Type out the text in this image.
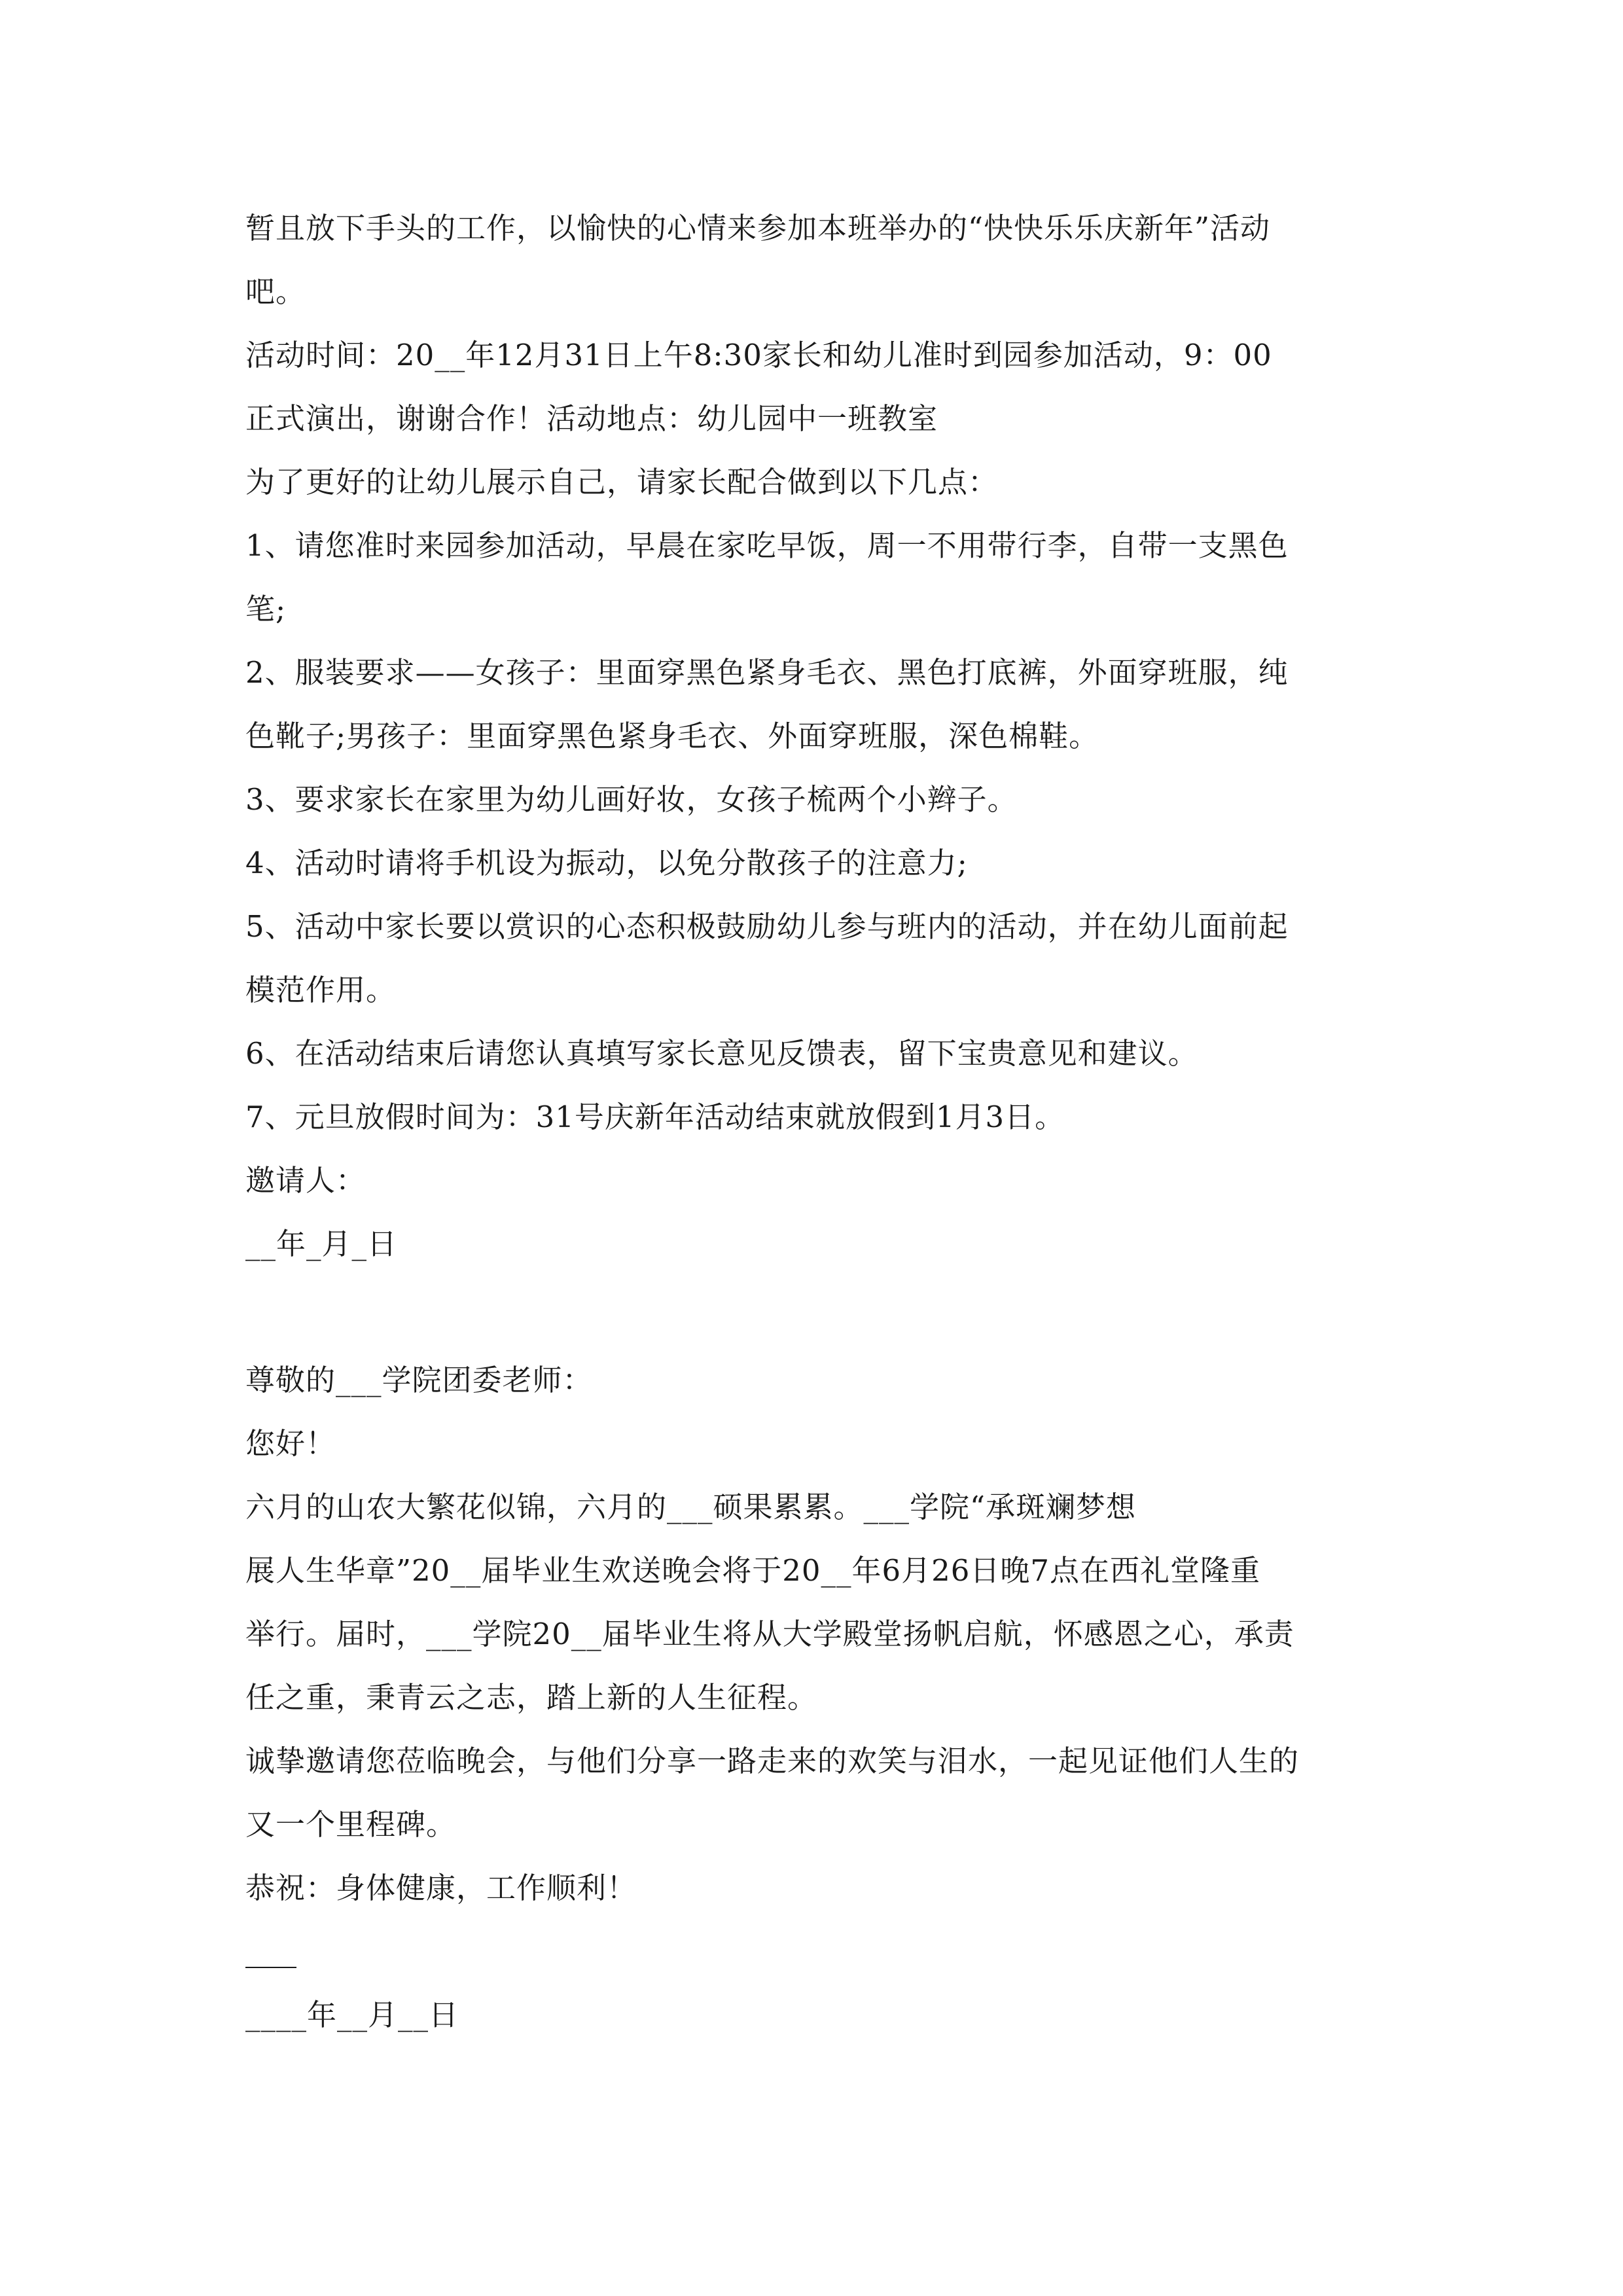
暂且放下手头的工作，以愉快的心情来参加本班举办的“快快乐乐庆新年”活动
吧。
活动时间：20__年12月31日上午8:30家长和幼儿准时到园参加活动，9：00
正式演出，谢谢合作！活动地点：幼儿园中一班教室
为了更好的让幼儿展示自己，请家长配合做到以下几点：
1、请您准时来园参加活动，早晨在家吃早饭，周一不用带行李，自带一支黑色
笔;
2、服装要求——女孩子：里面穿黑色紧身毛衣、黑色打底裤，外面穿班服，纯
色靴子;男孩子：里面穿黑色紧身毛衣、外面穿班服，深色棉鞋。
3、要求家长在家里为幼儿画好妆，女孩子梳两个小辫子。
4、活动时请将手机设为振动，以免分散孩子的注意力;
5、活动中家长要以赏识的心态积极鼓励幼儿参与班内的活动，并在幼儿面前起
模范作用。
6、在活动结束后请您认真填写家长意见反馈表，留下宝贵意见和建议。
7、元旦放假时间为：31号庆新年活动结束就放假到1月3日。
邀请人：
__年_月_日
尊敬的___学院团委老师：
您好！
六月的山农大繁花似锦，六月的___硕果累累。___学院“承斑斓梦想
展人生华章”20__届毕业生欢送晚会将于20__年6月26日晚7点在西礼堂隆重
举行。届时，___学院20__届毕业生将从大学殿堂扬帆启航，怀感恩之心，承责
任之重，秉青云之志，踏上新的人生征程。
诚挚邀请您莅临晚会，与他们分享一路走来的欢笑与泪水，一起见证他们人生的
又一个里程碑。
恭祝：身体健康，工作顺利！
____年__月__日
